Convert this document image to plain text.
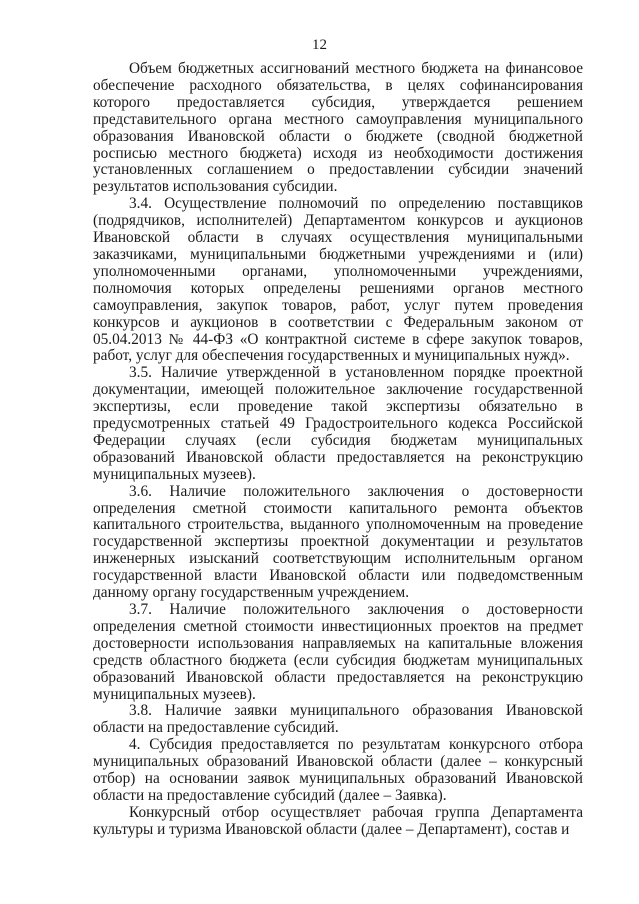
12

Объем бюджетных ассигнований местного бюджета на финансовое обеспечение расходного обязательства, в целях софинансирования которого предоставляется субсидия, утверждается решением представительного органа местного самоуправления муниципального образования Ивановской области о бюджете (сводной бюджетной росписью местного бюджета) исходя из необходимости достижения установленных соглашением о предоставлении субсидии значений результатов использования субсидии.

3.4. Осуществление полномочий по определению поставщиков (подрядчиков, исполнителей) Департаментом конкурсов и аукционов Ивановской области в случаях осуществления муниципальными заказчиками, муниципальными бюджетными учреждениями и (или) уполномоченными органами, уполномоченными учреждениями, полномочия которых определены решениями органов местного самоуправления, закупок товаров, работ, услуг путем проведения конкурсов и аукционов в соответствии с Федеральным законом от 05.04.2013 № 44-ФЗ «О контрактной системе в сфере закупок товаров, работ, услуг для обеспечения государственных и муниципальных нужд».

3.5. Наличие утвержденной в установленном порядке проектной документации, имеющей положительное заключение государственной экспертизы, если проведение такой экспертизы обязательно в предусмотренных статьей 49 Градостроительного кодекса Российской Федерации случаях (если субсидия бюджетам муниципальных образований Ивановской области предоставляется на реконструкцию муниципальных музеев).

3.6. Наличие положительного заключения о достоверности определения сметной стоимости капитального ремонта объектов капитального строительства, выданного уполномоченным на проведение государственной экспертизы проектной документации и результатов инженерных изысканий соответствующим исполнительным органом государственной власти Ивановской области или подведомственным данному органу государственным учреждением.

3.7. Наличие положительного заключения о достоверности определения сметной стоимости инвестиционных проектов на предмет достоверности использования направляемых на капитальные вложения средств областного бюджета (если субсидия бюджетам муниципальных образований Ивановской области предоставляется на реконструкцию муниципальных музеев).

3.8. Наличие заявки муниципального образования Ивановской области на предоставление субсидий.

4. Субсидия предоставляется по результатам конкурсного отбора муниципальных образований Ивановской области (далее – конкурсный отбор) на основании заявок муниципальных образований Ивановской области на предоставление субсидий (далее – Заявка).

Конкурсный отбор осуществляет рабочая группа Департамента культуры и туризма Ивановской области (далее – Департамент), состав и
